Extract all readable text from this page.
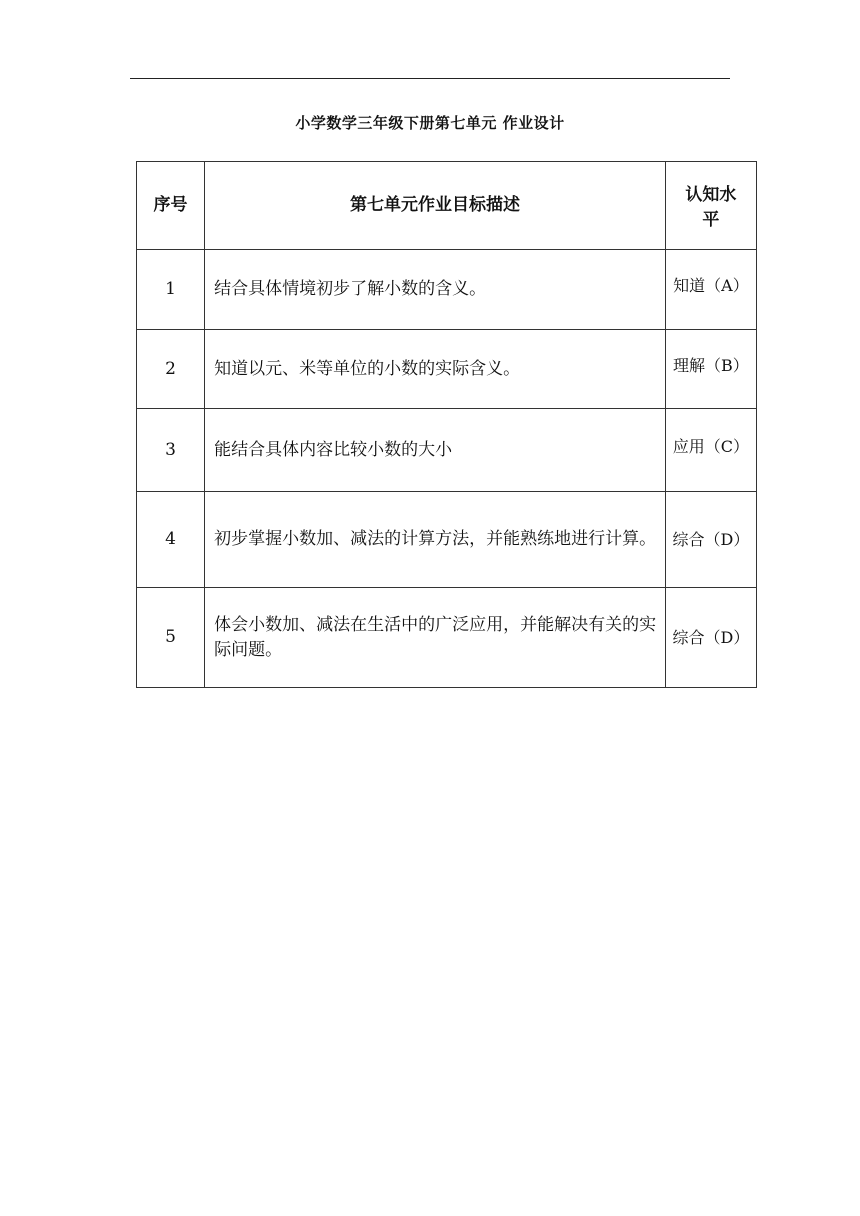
小学数学三年级下册第七单元 作业设计
序号	第七单元作业目标描述	认知水
平

1	结合具体情境初步了解小数的含义。	知道（A）
2	知道以元、米等单位的小数的实际含义。	理解（B）
3	能结合具体内容比较小数的大小	应用（C）
4	初步掌握小数加、减法的计算方法，并能熟练地进行计算。	综合（D）
5	体会小数加、减法在生活中的广泛应用，并能解决有关的实际问题。	综合（D）
